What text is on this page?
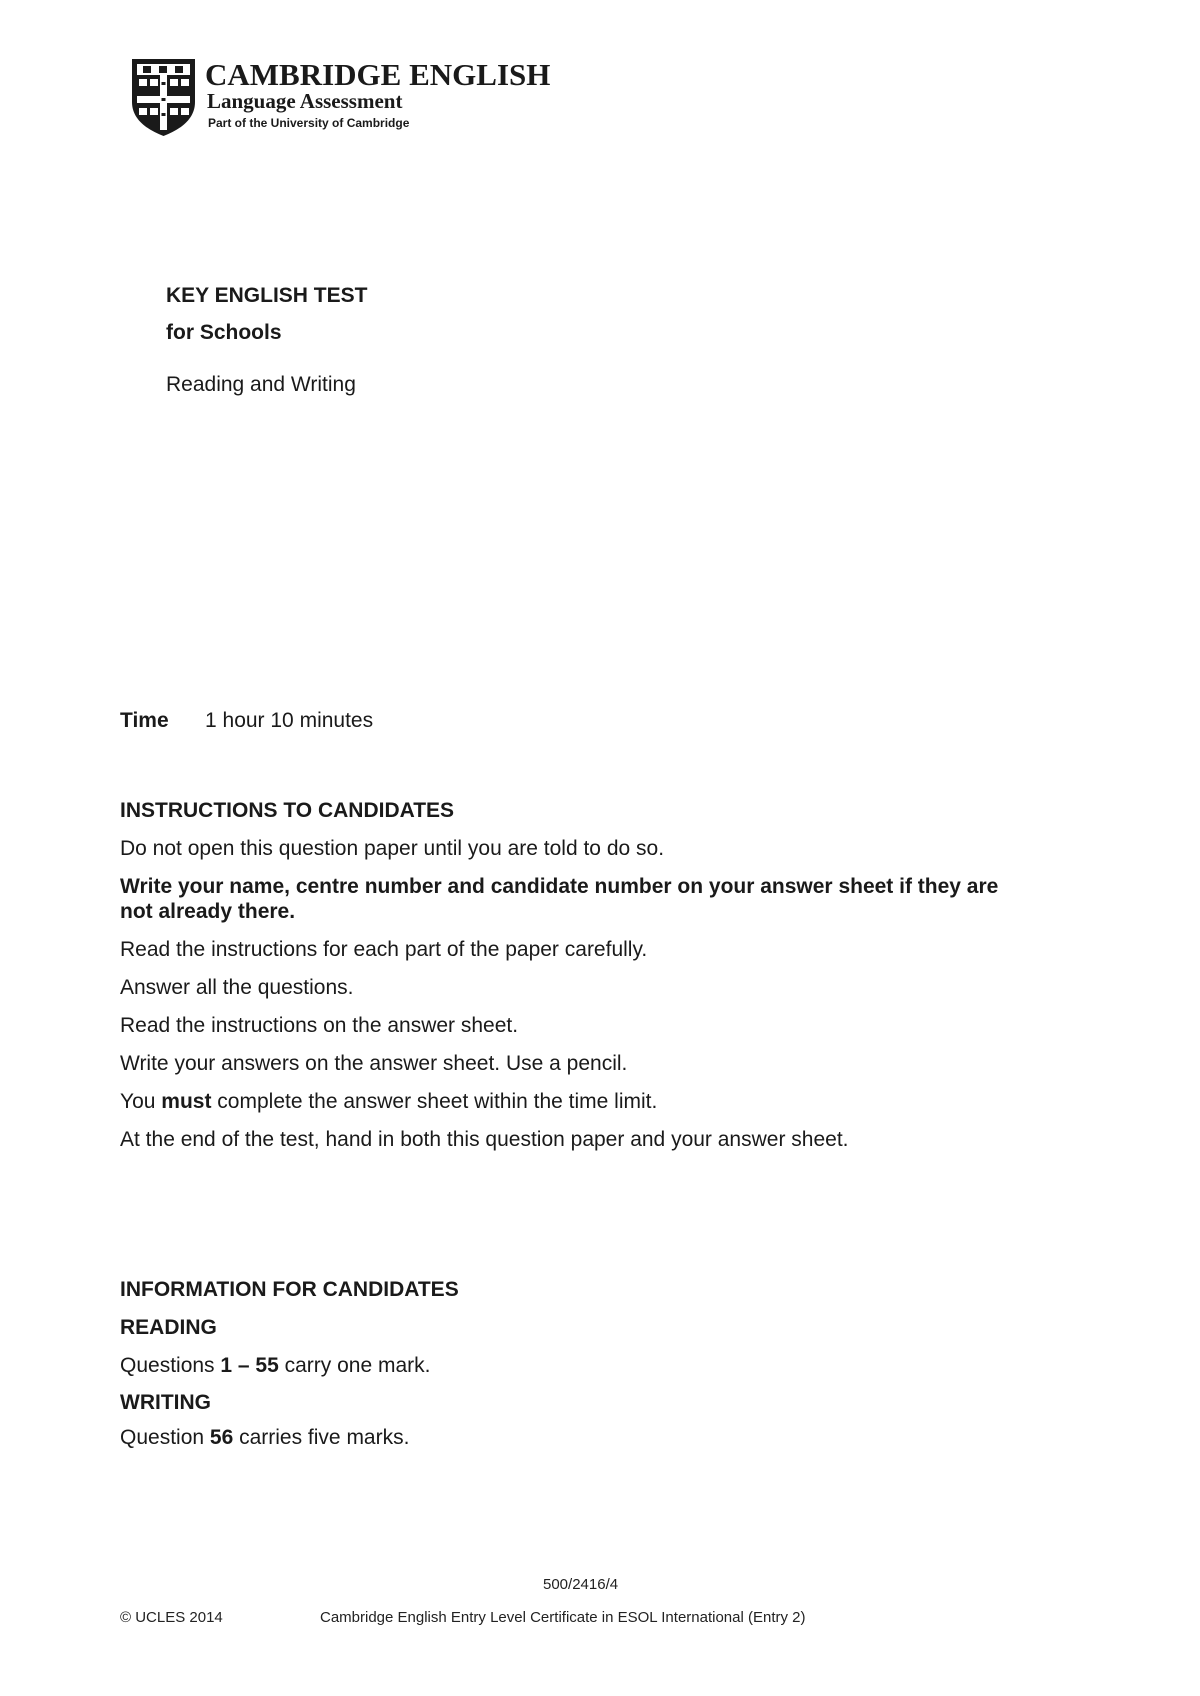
CAMBRIDGE ENGLISH
Language Assessment
Part of the University of Cambridge
KEY ENGLISH TEST
for Schools
Reading and Writing
Time 1 hour 10 minutes
INSTRUCTIONS TO CANDIDATES
Do not open this question paper until you are told to do so.
Write your name, centre number and candidate number on your answer sheet if they are
not already there.
Read the instructions for each part of the paper carefully.
Answer all the questions.
Read the instructions on the answer sheet.
Write your answers on the answer sheet. Use a pencil.
You must complete the answer sheet within the time limit.
At the end of the test, hand in both this question paper and your answer sheet.
INFORMATION FOR CANDIDATES
READING
Questions 1 – 55 carry one mark.
WRITING
Question 56 carries five marks.
500/2416/4
© UCLES 2014	Cambridge English Entry Level Certificate in ESOL International (Entry 2)
